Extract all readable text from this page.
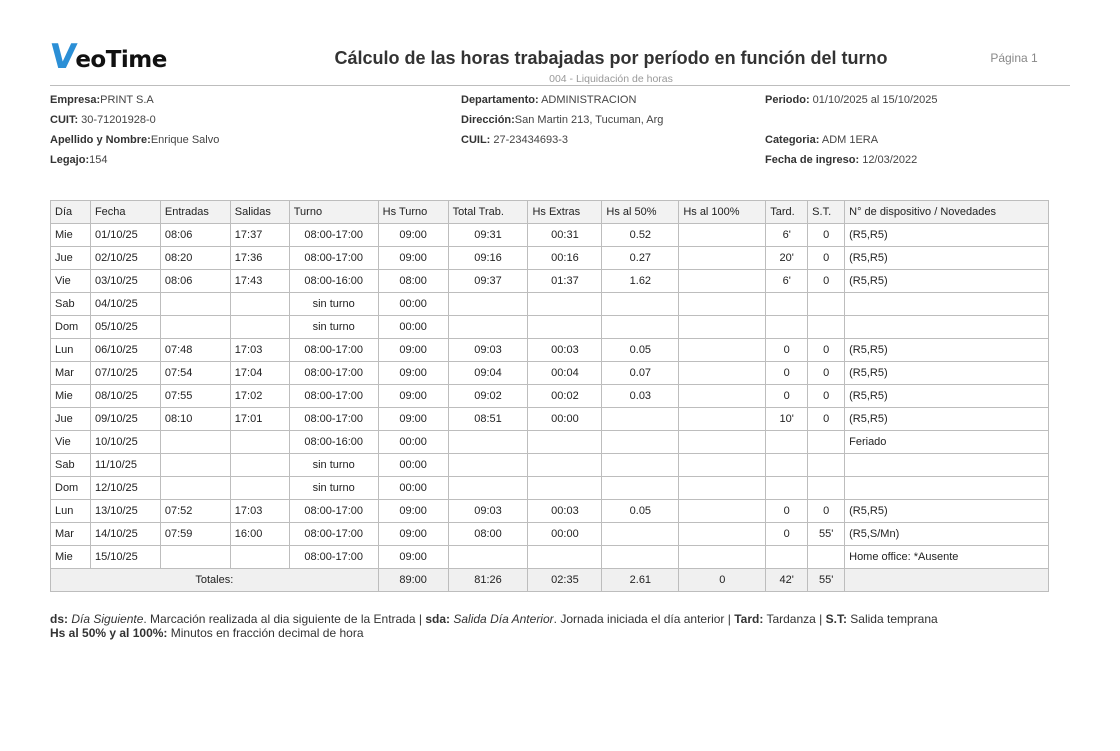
V
eoTime	Cálculo de las horas trabajadas por período en función del turno
004 - Liquidación de horas
Página 1
Empresa:PRINT S.A
CUIT: 30-71201928-0
Apellido y Nombre:Enrique Salvo
Legajo:154
Departamento: ADMINISTRACION
Dirección:San Martin 213, Tucuman, Arg
CUIL: 27-23434693-3
Periodo: 01/10/2025 al 15/10/2025
Categoria: ADM 1ERA
Fecha de ingreso: 12/03/2022
Día	Fecha	Entradas	Salidas	Turno	Hs Turno	Total Trab.	Hs Extras	Hs al 50%	Hs al 100%	Tard.	S.T.	N° de dispositivo / Novedades
Mie	01/10/25	08:06	17:37	08:00-17:00	09:00	09:31	00:31	0.52		6'	0	(R5,R5)
Jue	02/10/25	08:20	17:36	08:00-17:00	09:00	09:16	00:16	0.27		20'	0	(R5,R5)
Vie	03/10/25	08:06	17:43	08:00-16:00	08:00	09:37	01:37	1.62		6'	0	(R5,R5)
Sab	04/10/25			sin turno	00:00							
Dom	05/10/25			sin turno	00:00							
Lun	06/10/25	07:48	17:03	08:00-17:00	09:00	09:03	00:03	0.05		0	0	(R5,R5)
Mar	07/10/25	07:54	17:04	08:00-17:00	09:00	09:04	00:04	0.07		0	0	(R5,R5)
Mie	08/10/25	07:55	17:02	08:00-17:00	09:00	09:02	00:02	0.03		0	0	(R5,R5)
Jue	09/10/25	08:10	17:01	08:00-17:00	09:00	08:51	00:00			10'	0	(R5,R5)
Vie	10/10/25			08:00-16:00	00:00							Feriado
Sab	11/10/25			sin turno	00:00							
Dom	12/10/25			sin turno	00:00							
Lun	13/10/25	07:52	17:03	08:00-17:00	09:00	09:03	00:03	0.05		0	0	(R5,R5)
Mar	14/10/25	07:59	16:00	08:00-17:00	09:00	08:00	00:00			0	55'	(R5,S/Mn)
Mie	15/10/25			08:00-17:00	09:00							Home office: *Ausente
Totales:					89:00	81:26	02:35	2.61	0	42'	55'	
ds: Día Siguiente. Marcación realizada al dia siguiente de la Entrada | sda: Salida Día Anterior. Jornada iniciada el día anterior | Tard: Tardanza | S.T: Salida temprana
Hs al 50% y al 100%: Minutos en fracción decimal de hora
